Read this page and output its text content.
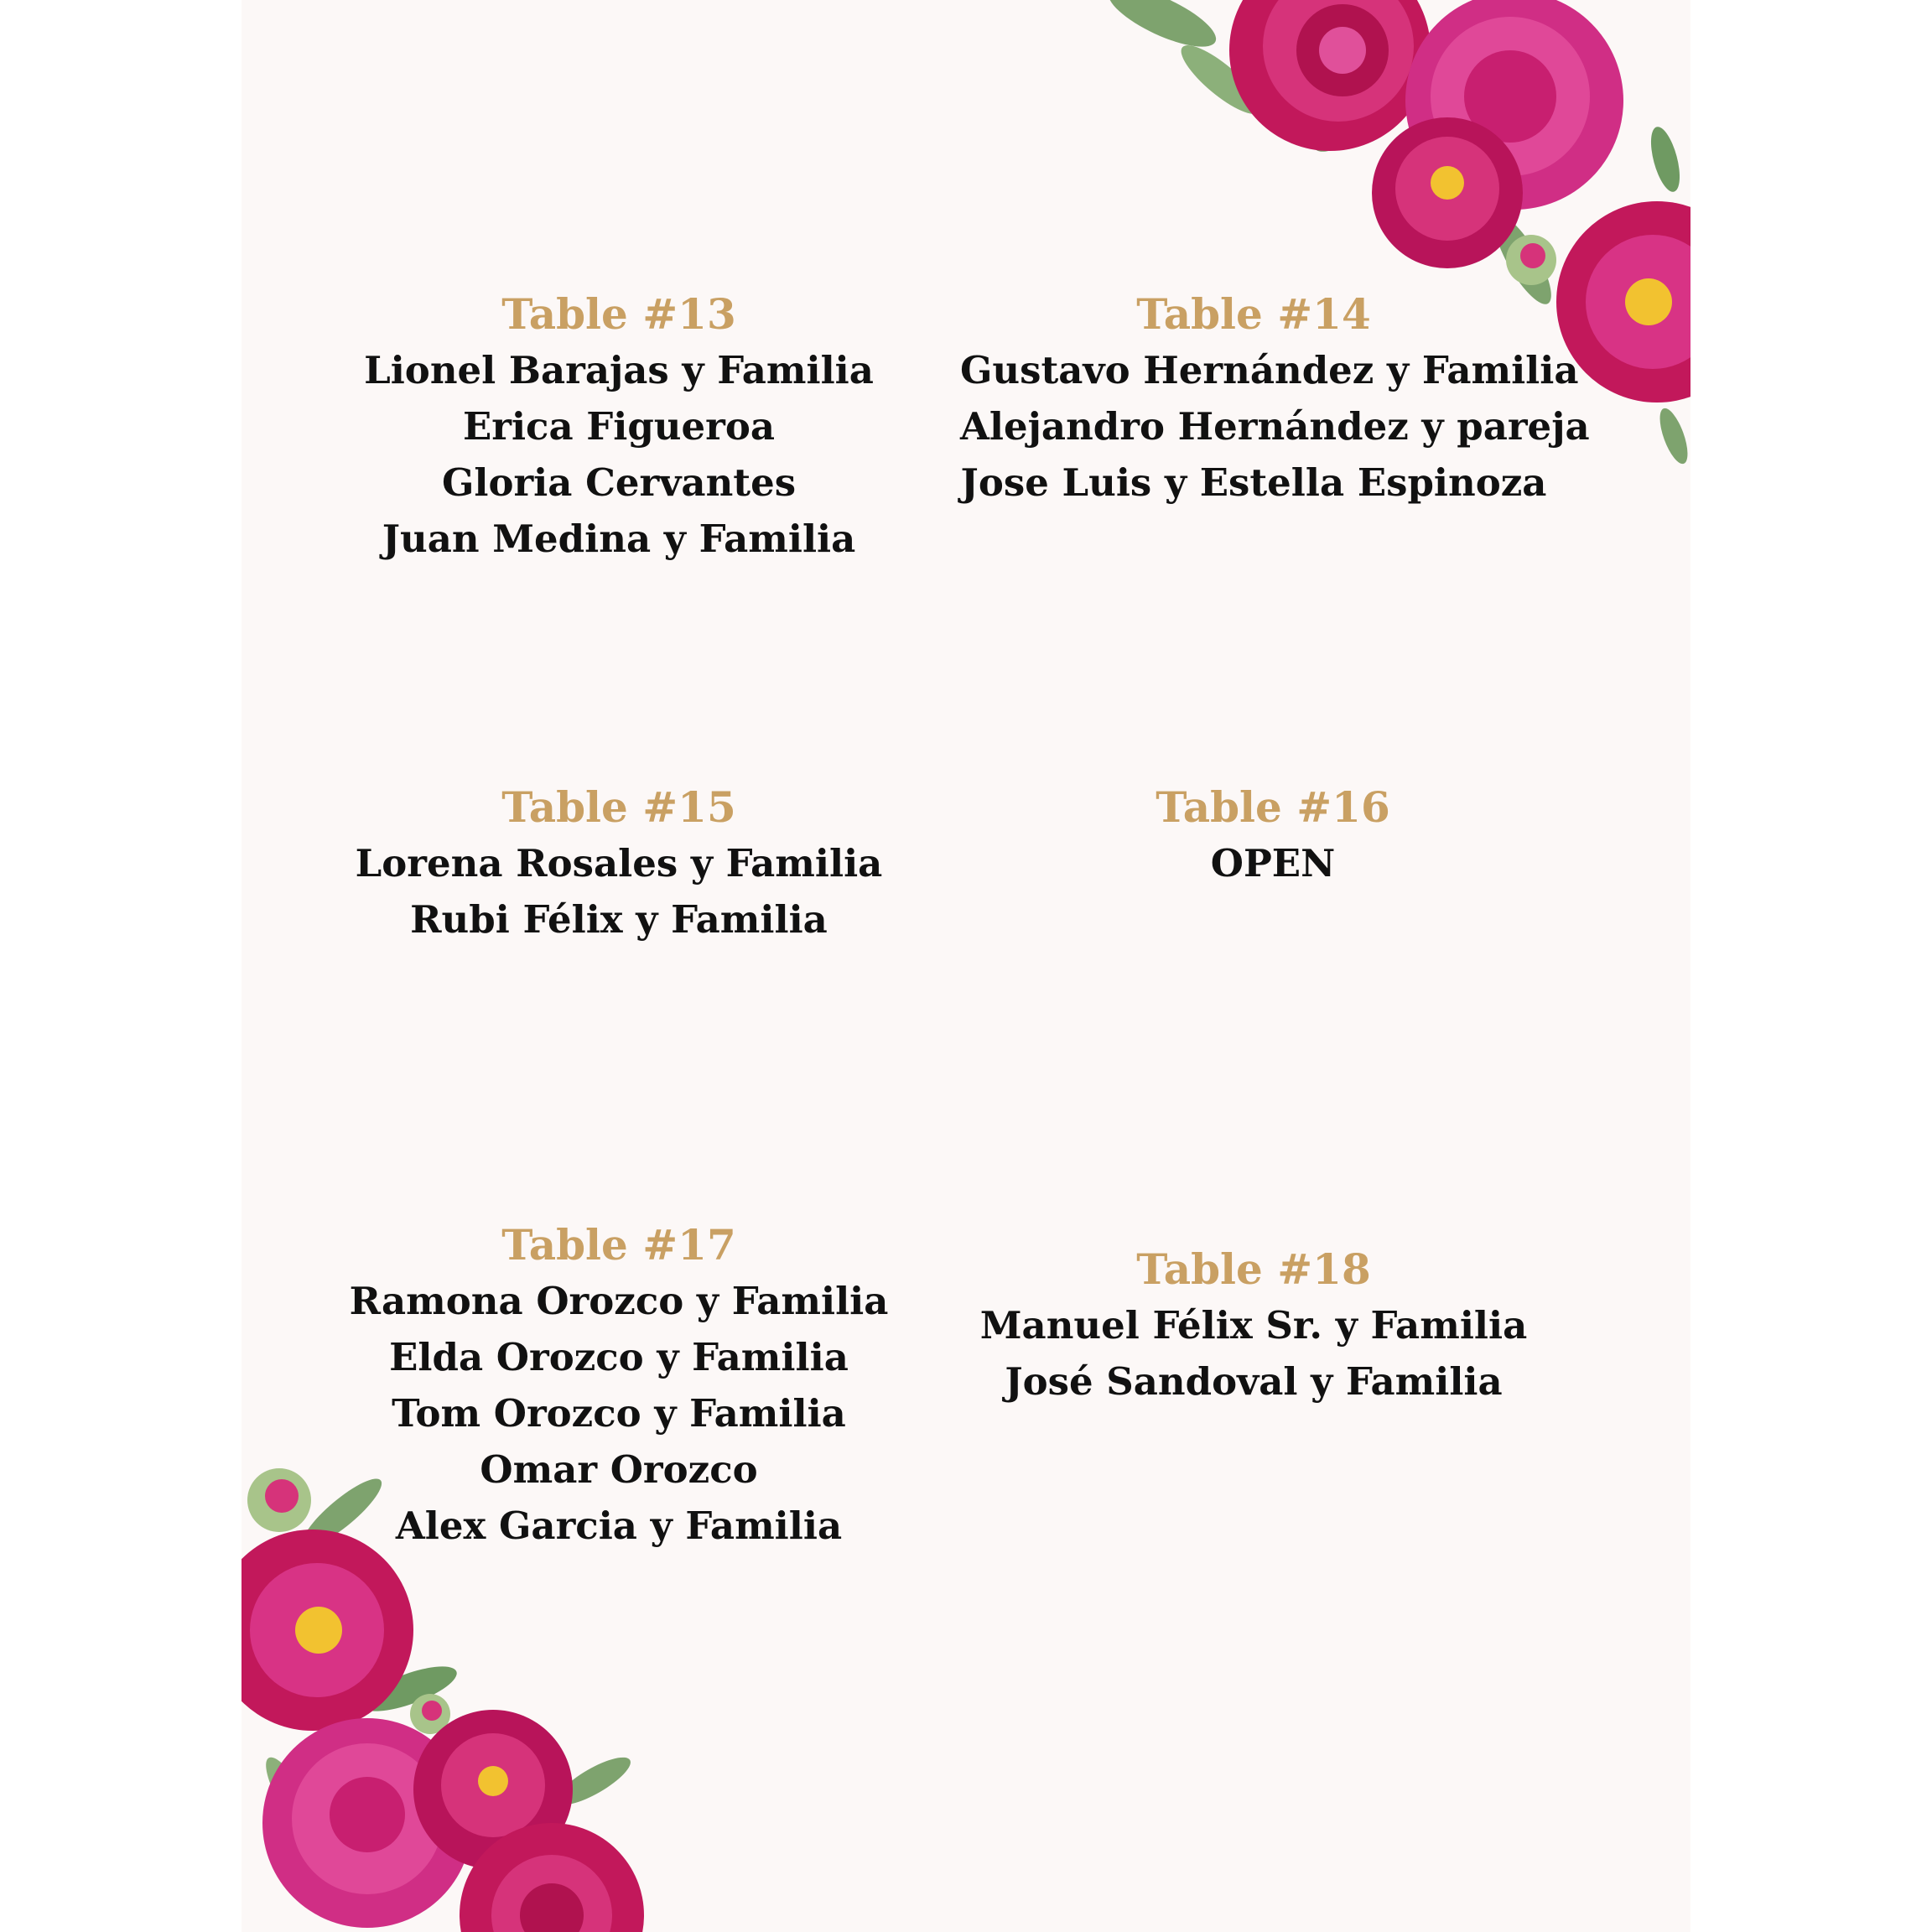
Table #13
Lionel Barajas y Familia
Erica Figueroa
Gloria Cervantes
Juan Medina y Familia
Table #14
Gustavo Hernández y Familia
Alejandro Hernández y pareja
Jose Luis y Estella Espinoza
Table #15
Lorena Rosales y Familia
Rubi Félix y Familia
Table #16
OPEN
Table #17
Ramona Orozco y Familia
Elda Orozco y Familia
Tom Orozco y Familia
Omar Orozco
Alex Garcia y Familia
Table #18
Manuel Félix Sr. y Familia
José Sandoval y Familia
